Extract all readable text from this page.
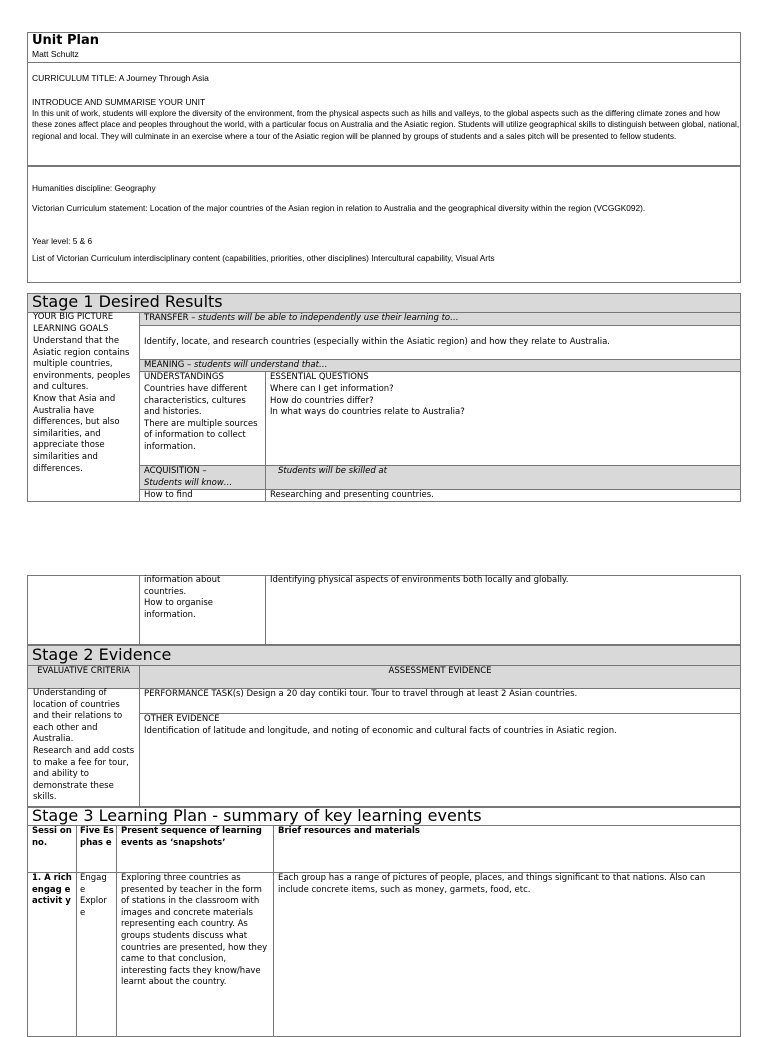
Unit Plan
Matt Schultz
CURRICULUM TITLE: A Journey Through Asia
INTRODUCE AND SUMMARISE YOUR UNIT
In this unit of work, students will explore the diversity of the environment, from the physical aspects such as hills and valleys, to the global aspects such as the differing climate zones and how these zones affect place and peoples throughout the world, with a particular focus on Australia and the Asiatic region. Students will utilize geographical skills to distinguish between global, national, regional and local. They will culminate in an exercise where a tour of the Asiatic region will be planned by groups of students and a sales pitch will be presented to fellow students.
Humanities discipline: Geography
Victorian Curriculum statement: Location of the major countries of the Asian region in relation to Australia and the geographical diversity within the region (VCGGK092).
Year level: 5 & 6
List of Victorian Curriculum interdisciplinary content (capabilities, priorities, other disciplines) Intercultural capability, Visual Arts
Stage 1 Desired Results
YOUR BIG PICTURE LEARNING GOALS
Understand that the Asiatic region contains multiple countries, environments, peoples and cultures.
Know that Asia and Australia have differences, but also similarities, and appreciate those similarities and differences.
TRANSFER – students will be able to independently use their learning to…
Identify, locate, and research countries (especially within the Asiatic region) and how they relate to Australia.
MEANING – students will understand that…
UNDERSTANDINGS
Countries have different characteristics, cultures and histories.
There are multiple sources of information to collect information.
ESSENTIAL QUESTIONS
Where can I get information?
How do countries differ?
In what ways do countries relate to Australia?
ACQUISITION –
Students will know…
Students will be skilled at
How to find	Researching and presenting countries.
information about countries.
How to organise information.
Identifying physical aspects of environments both locally and globally.
Stage 2 Evidence
EVALUATIVE CRITERIA	ASSESSMENT EVIDENCE
Understanding of location of countries and their relations to each other and Australia.
Research and add costs to make a fee for tour, and ability to demonstrate these skills.
PERFORMANCE TASK(s) Design a 20 day contiki tour. Tour to travel through at least 2 Asian countries.
OTHER EVIDENCE
Identification of latitude and longitude, and noting of economic and cultural facts of countries in Asiatic region.
Stage 3 Learning Plan - summary of key learning events
Sessi on no.
Five Es phas e
Present sequence of learning events as ‘snapshots’
Brief resources and materials
1. A rich engag e activit y
Engag e Explor e
Exploring three countries as presented by teacher in the form of stations in the classroom with images and concrete materials representing each country. As groups students discuss what countries are presented, how they came to that conclusion, interesting facts they know/have learnt about the country.
Each group has a range of pictures of people, places, and things significant to that nations. Also can include concrete items, such as money, garmets, food, etc.
